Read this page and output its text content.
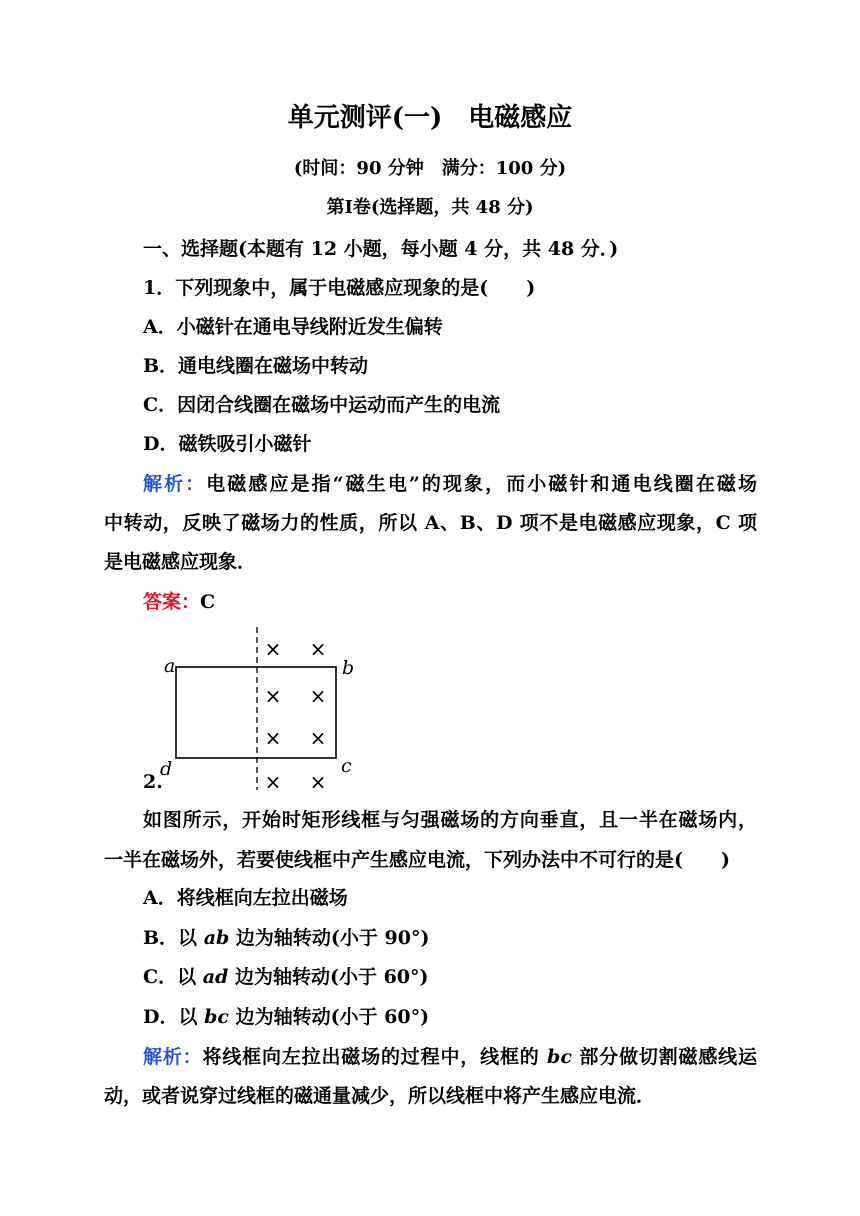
单元测评(一)　电磁感应
(时间：90 分钟　满分：100 分)
第Ⅰ卷(选择题，共 48 分)
一、选择题(本题有 12 小题，每小题 4 分，共 48 分．)
1．下列现象中，属于电磁感应现象的是(　　)
A．小磁针在通电导线附近发生偏转
B．通电线圈在磁场中转动
C．因闭合线圈在磁场中运动而产生的电流
D．磁铁吸引小磁针
解析：电磁感应是指“磁生电”的现象，而小磁针和通电线圈在磁场
中转动，反映了磁场力的性质，所以 A、B、D 项不是电磁感应现象，C 项
是电磁感应现象．
答案：C
a	b
c
d
× ×
× ×
× ×
× ×
2.
如图所示，开始时矩形线框与匀强磁场的方向垂直，且一半在磁场内，
一半在磁场外，若要使线框中产生感应电流，下列办法中不可行的是(　　)
A．将线框向左拉出磁场
B．以 ab 边为轴转动(小于 90°)
C．以 ad 边为轴转动(小于 60°)
D．以 bc 边为轴转动(小于 60°)
解析：将线框向左拉出磁场的过程中，线框的 bc 部分做切割磁感线运
动，或者说穿过线框的磁通量减少，所以线框中将产生感应电流．
